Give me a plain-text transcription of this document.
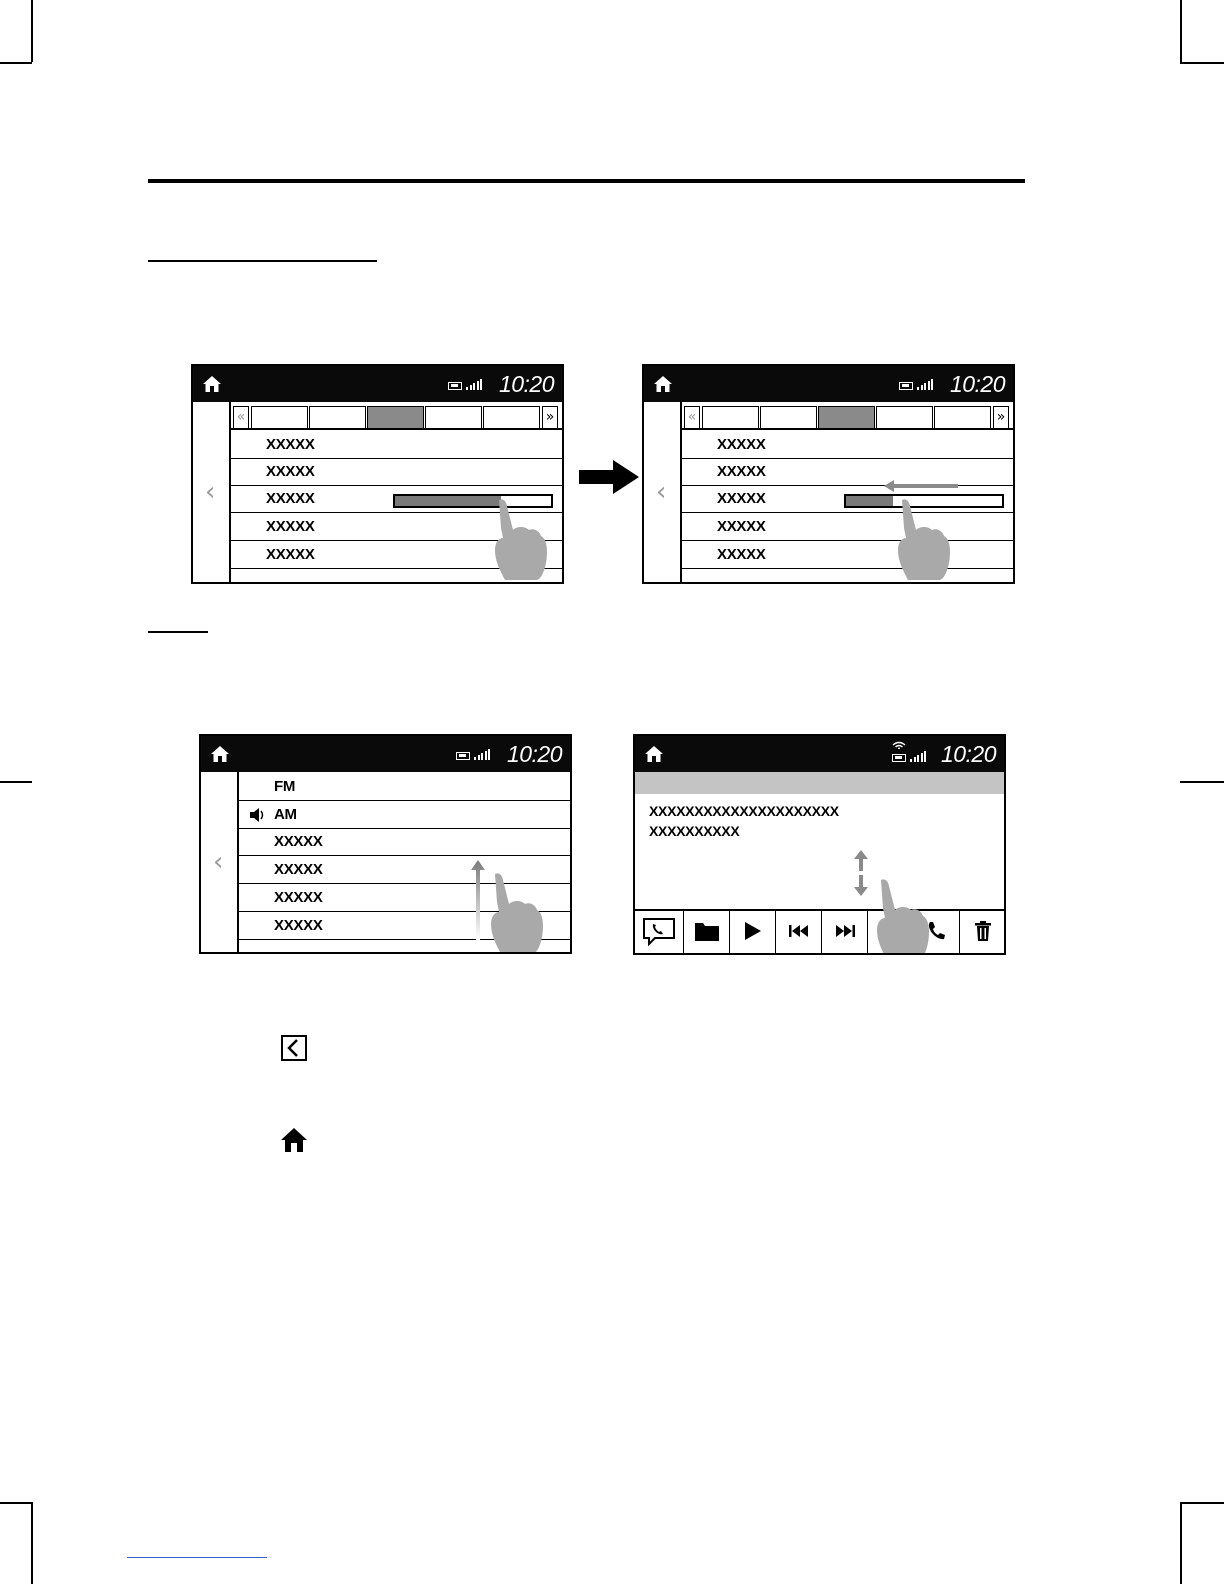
10:20
‹
«	»
XXXXX
XXXXX
XXXXX
XXXXX
XXXXX
10:20
‹
«	»
XXXXX
XXXXX
XXXXX
XXXXX
XXXXX
10:20
‹
FM
AM
XXXXX
XXXXX
XXXXX
XXXXX
10:20
XXXXXXXXXXXXXXXXXXXXX
XXXXXXXXXX
